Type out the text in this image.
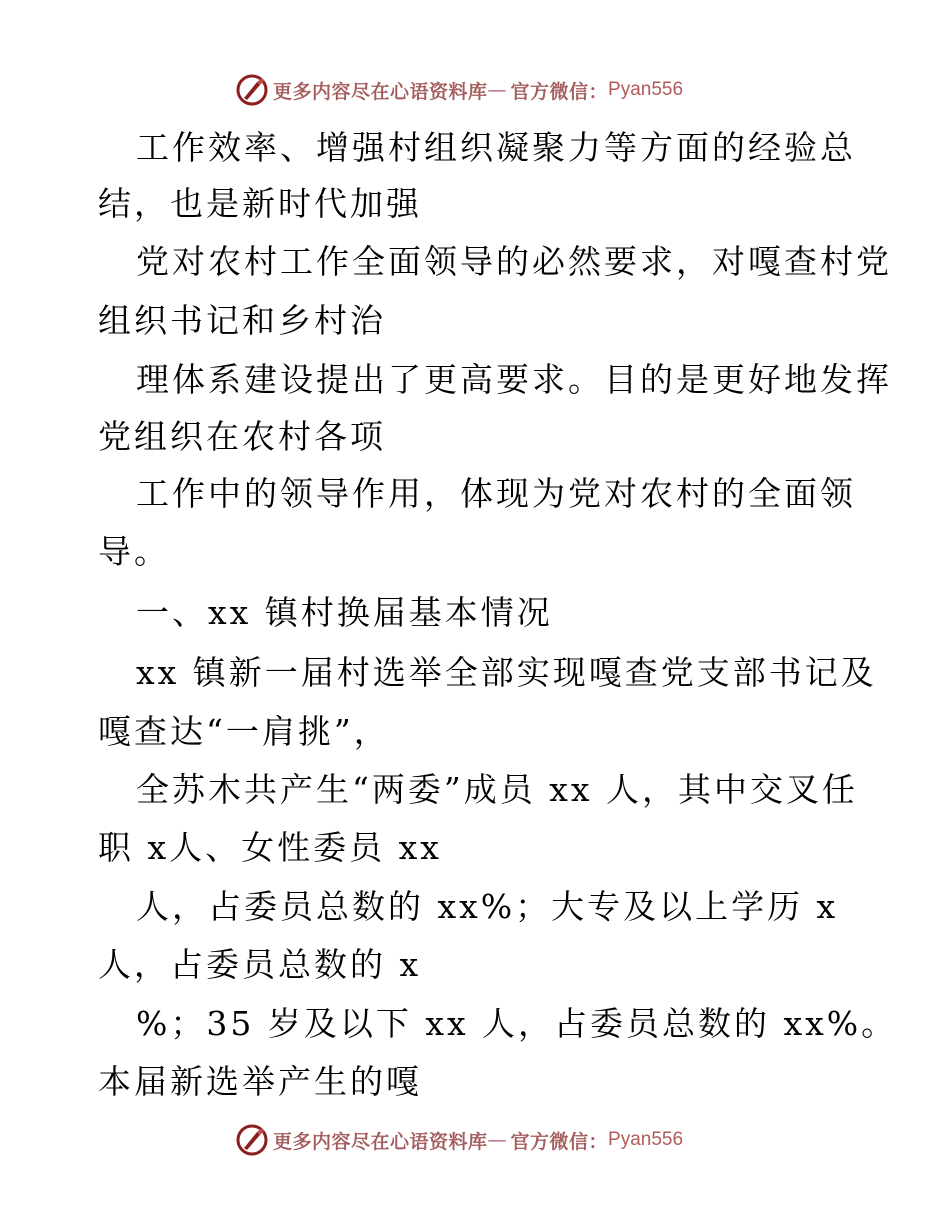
更多内容尽在心语资料库 — 官方微信： Pyan556
工作效率、增强村组织凝聚力等方面的经验总
结，也是新时代加强
党对农村工作全面领导的必然要求，对嘎查村党
组织书记和乡村治
理体系建设提出了更高要求。目的是更好地发挥
党组织在农村各项
工作中的领导作用，体现为党对农村的全面领
导。
一、xx 镇村换届基本情况
xx 镇新一届村选举全部实现嘎查党支部书记及
嘎查达“一肩挑”，
全苏木共产生“两委”成员 xx 人，其中交叉任
职 x人、女性委员 xx
人，占委员总数的 xx%；大专及以上学历 x
人，占委员总数的 x
%；35 岁及以下 xx 人，占委员总数的 xx%。
本届新选举产生的嘎
更多内容尽在心语资料库 — 官方微信： Pyan556
